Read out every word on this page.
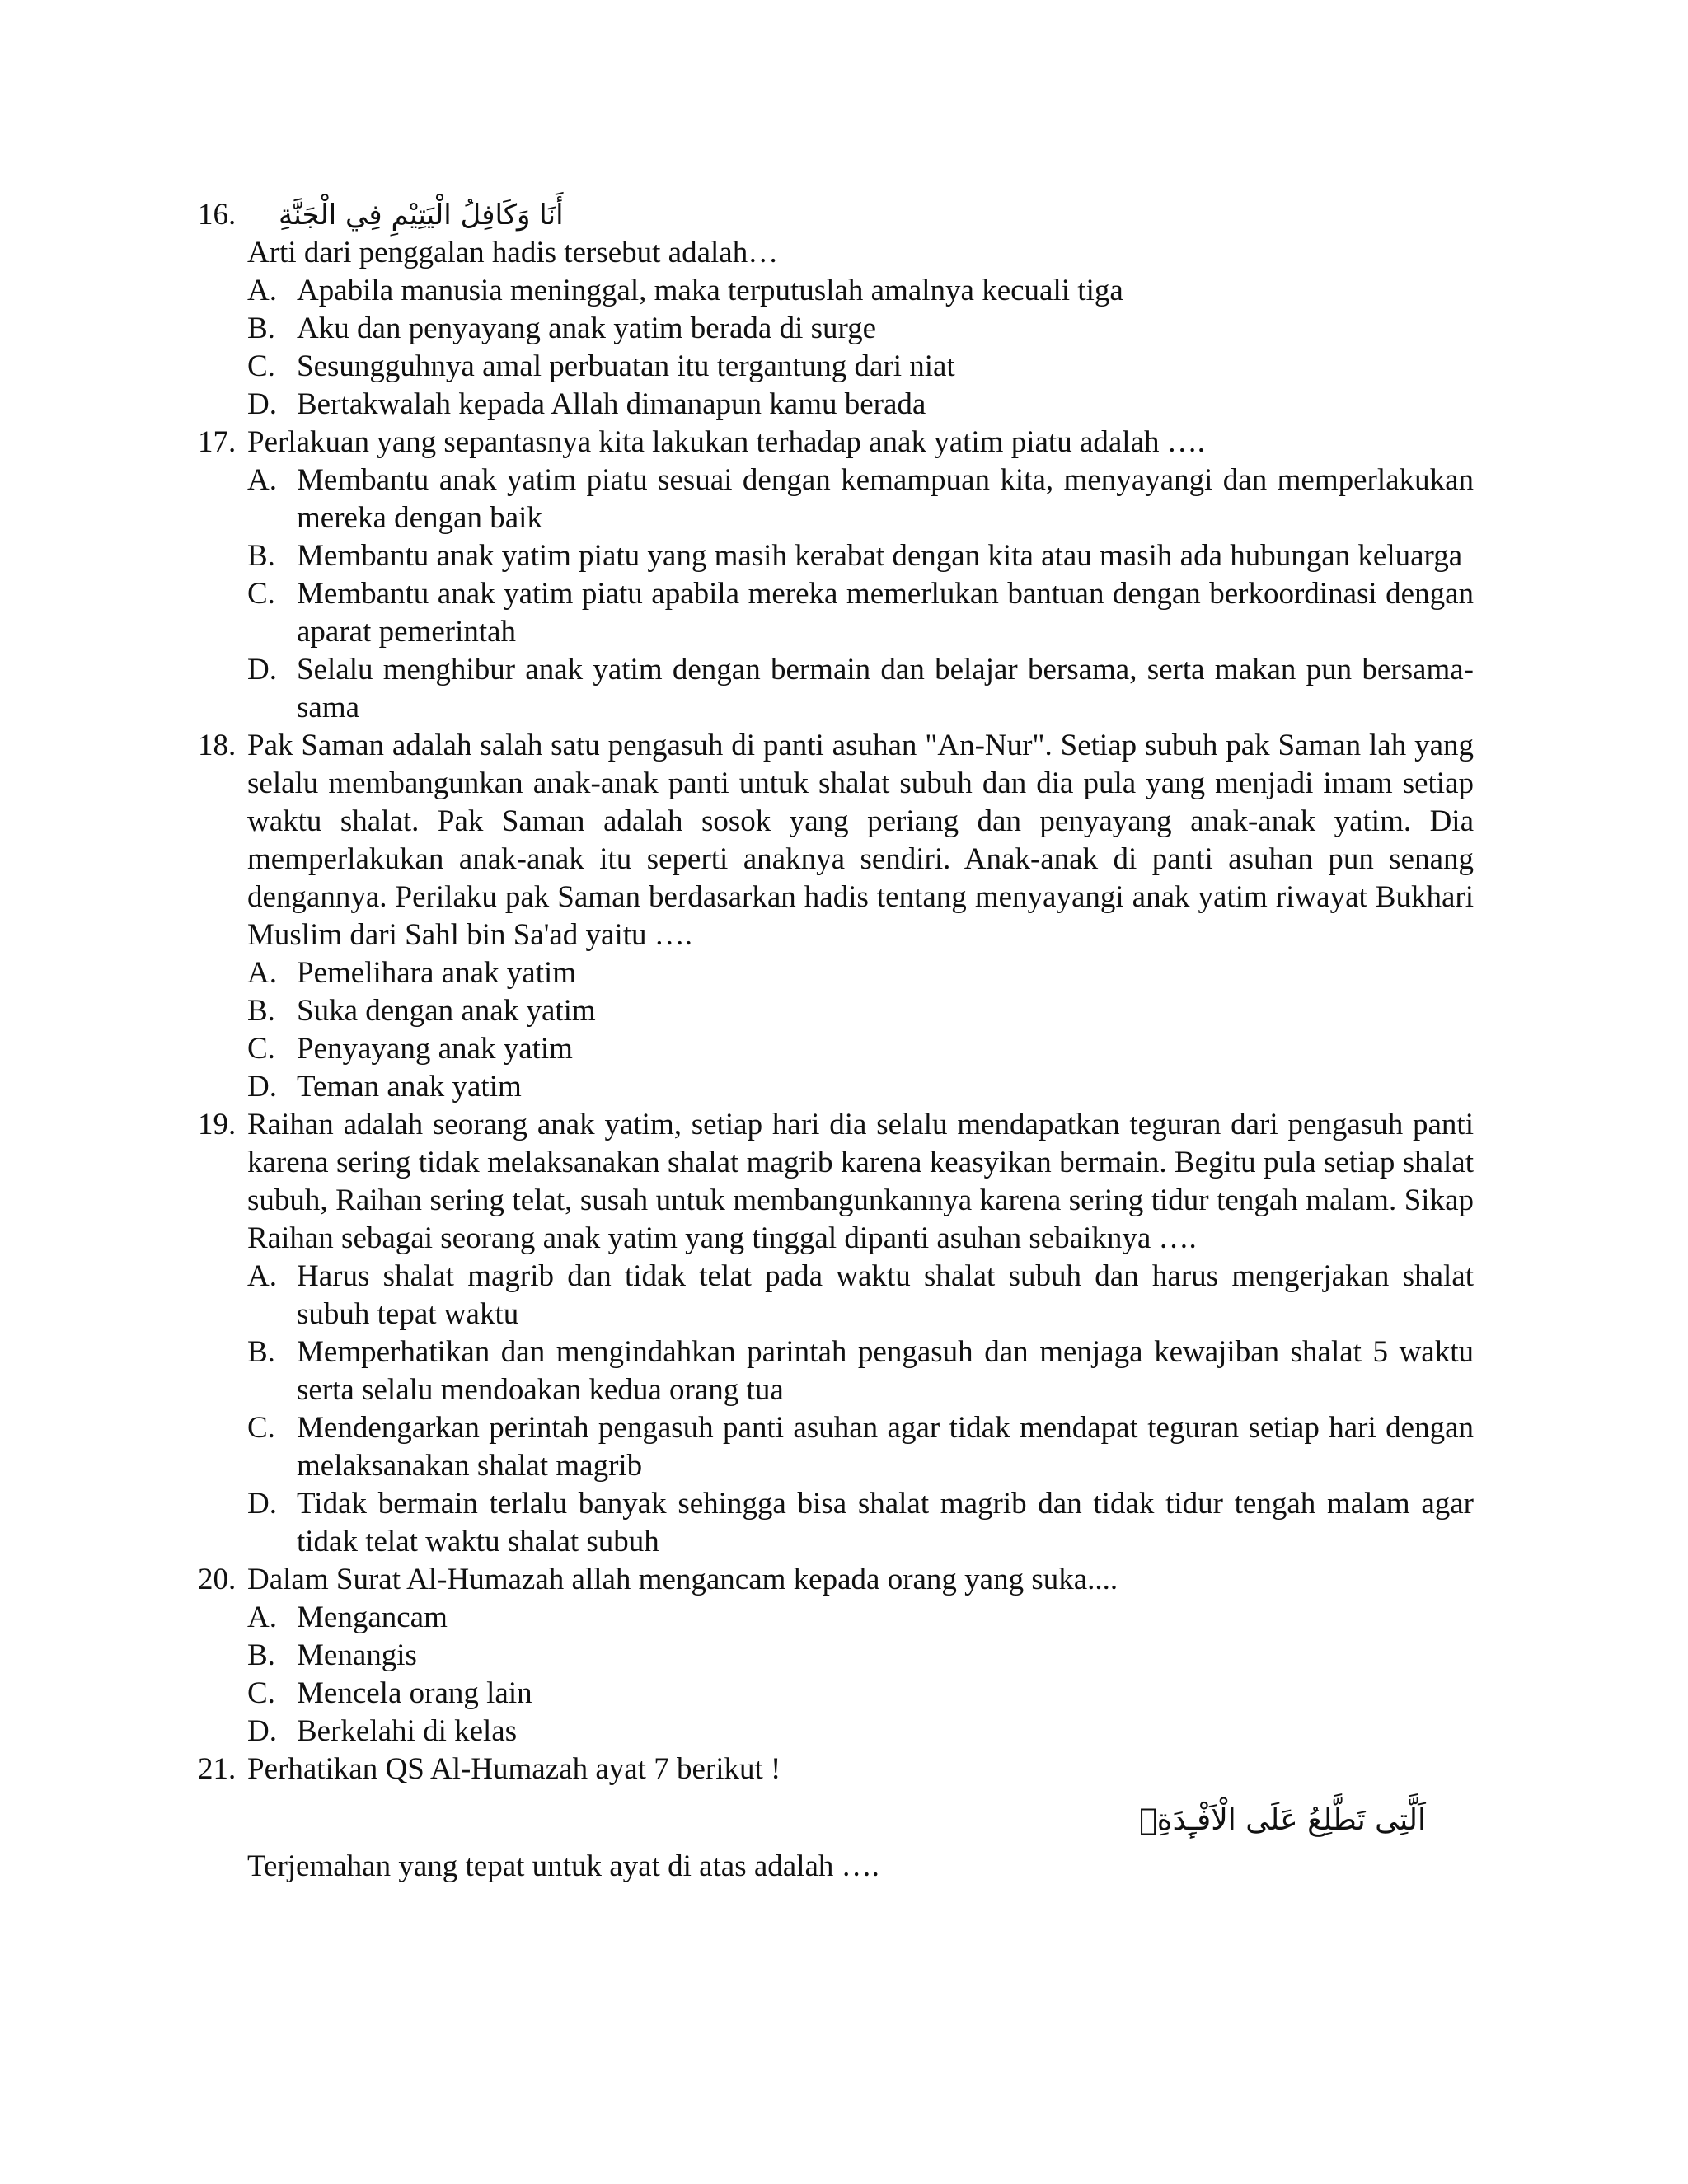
16. أَنَا وَكَافِلُ الْيَتِيْمِ فِي الْجَنَّةِ
Arti dari penggalan hadis tersebut adalah…
A. Apabila manusia meninggal, maka terputuslah amalnya kecuali tiga
B. Aku dan penyayang anak yatim berada di surge
C. Sesungguhnya amal perbuatan itu tergantung dari niat
D. Bertakwalah kepada Allah dimanapun kamu berada
17. Perlakuan yang sepantasnya kita lakukan terhadap anak yatim piatu adalah ….
A. Membantu anak yatim piatu sesuai dengan kemampuan kita, menyayangi dan memperlakukan mereka dengan baik
B. Membantu anak yatim piatu yang masih kerabat dengan kita atau masih ada hubungan keluarga
C. Membantu anak yatim piatu apabila mereka memerlukan bantuan dengan berkoordinasi dengan aparat pemerintah
D. Selalu menghibur anak yatim dengan bermain dan belajar bersama, serta makan pun bersama-sama
18. Pak Saman adalah salah satu pengasuh di panti asuhan "An-Nur". Setiap subuh pak Saman lah yang selalu membangunkan anak-anak panti untuk shalat subuh dan dia pula yang menjadi imam setiap waktu shalat. Pak Saman adalah sosok yang periang dan penyayang anak-anak yatim. Dia memperlakukan anak-anak itu seperti anaknya sendiri. Anak-anak di panti asuhan pun senang dengannya. Perilaku pak Saman berdasarkan hadis tentang menyayangi anak yatim riwayat Bukhari Muslim dari Sahl bin Sa'ad yaitu ….
A. Pemelihara anak yatim
B. Suka dengan anak yatim
C. Penyayang anak yatim
D. Teman anak yatim
19. Raihan adalah seorang anak yatim, setiap hari dia selalu mendapatkan teguran dari pengasuh panti karena sering tidak melaksanakan shalat magrib karena keasyikan bermain. Begitu pula setiap shalat subuh, Raihan sering telat, susah untuk membangunkannya karena sering tidur tengah malam. Sikap Raihan sebagai seorang anak yatim yang tinggal dipanti asuhan sebaiknya ….
A. Harus shalat magrib dan tidak telat pada waktu shalat subuh dan harus mengerjakan shalat subuh tepat waktu
B. Memperhatikan dan mengindahkan parintah pengasuh dan menjaga kewajiban shalat 5 waktu serta selalu mendoakan kedua orang tua
C. Mendengarkan perintah pengasuh panti asuhan agar tidak mendapat teguran setiap hari dengan melaksanakan shalat magrib
D. Tidak bermain terlalu banyak sehingga bisa shalat magrib dan tidak tidur tengah malam agar tidak telat waktu shalat subuh
20. Dalam Surat Al-Humazah allah mengancam kepada orang yang suka....
A. Mengancam
B. Menangis
C. Mencela orang lain
D. Berkelahi di kelas
21. Perhatikan QS Al-Humazah ayat 7 berikut !
اَلَّتِى تَطَّلِعُ عَلَى الْاَفْـِٕدَةِۗ
Terjemahan yang tepat untuk ayat di atas adalah ….
